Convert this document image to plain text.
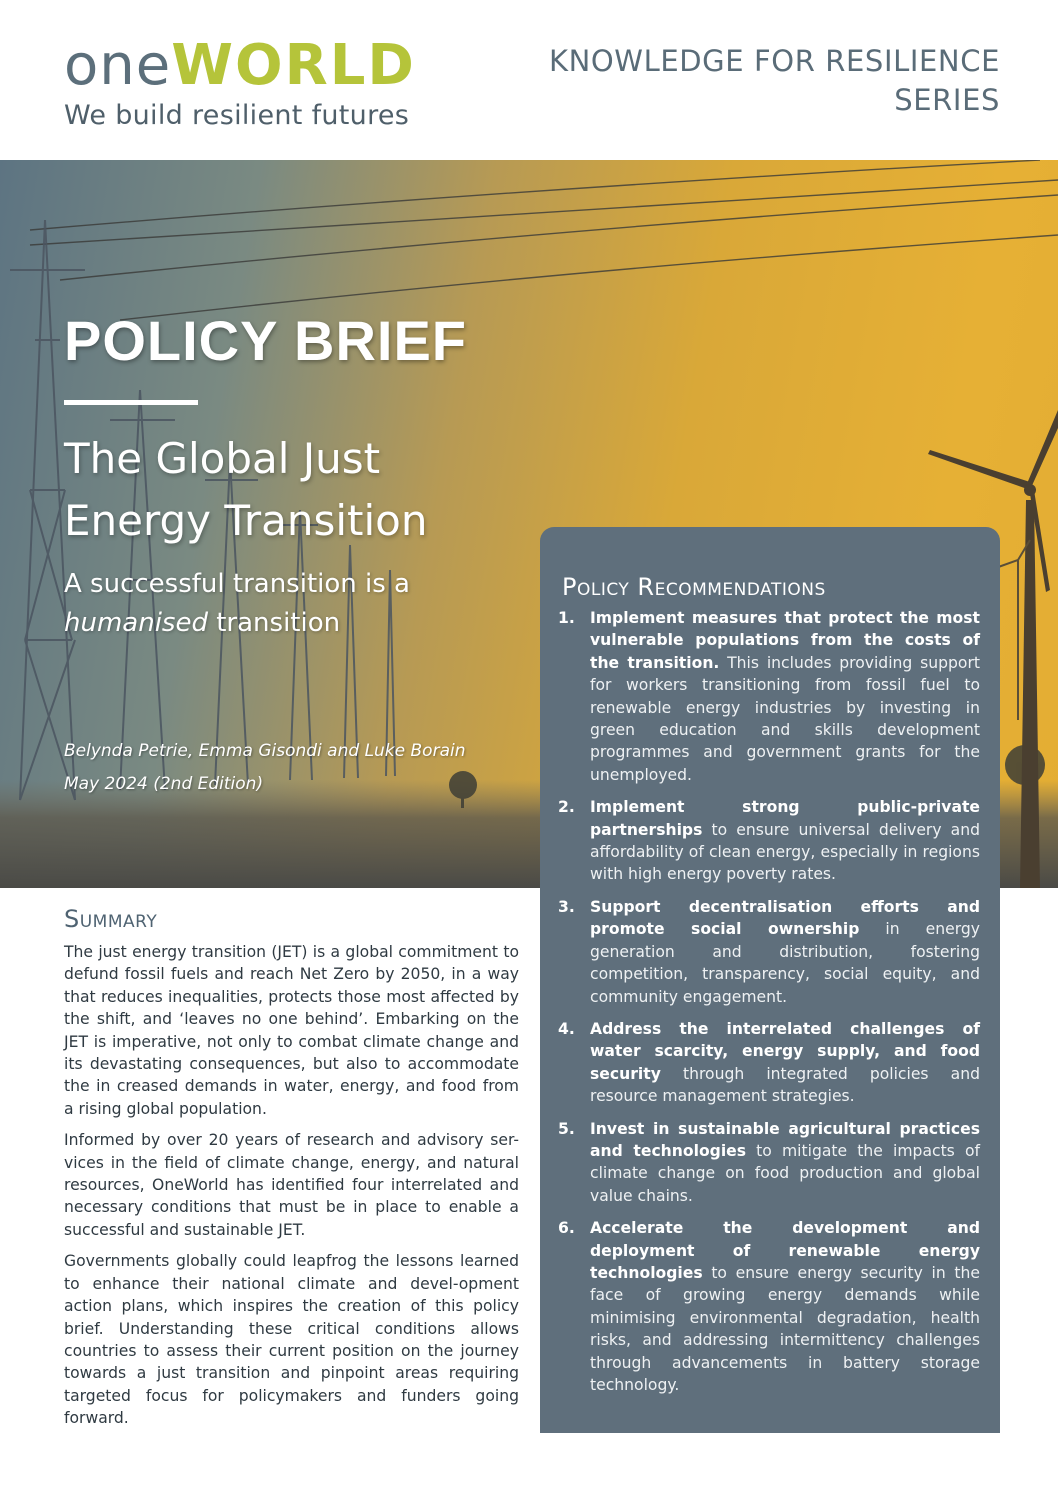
oneWORLD
We build resilient futures
KNOWLEDGE FOR RESILIENCE
SERIES
POLICY BRIEF
The Global Just
Energy Transition
A successful transition is a
humanised transition
Belynda Petrie, Emma Gisondi and Luke Borain
May 2024 (2nd Edition)
Summary

The just energy transition (JET) is a global commitment to defund fossil fuels and reach Net Zero by 2050, in a way that reduces inequalities, protects those most affected by the shift, and ‘leaves no one behind’. Embarking on the JET is imperative, not only to combat climate change and its devastating consequences, but also to accommodate the in creased demands in water, energy, and food from a rising global population.

Informed by over 20 years of research and advisory ser-vices in the field of climate change, energy, and natural resources, OneWorld has identified four interrelated and necessary conditions that must be in place to enable a successful and sustainable JET.

Governments globally could leapfrog the lessons learned to enhance their national climate and devel-opment action plans, which inspires the creation of this policy brief. Understanding these critical conditions allows countries to assess their current position on the journey towards a just transition and pinpoint areas requiring targeted focus for policymakers and funders going forward.

Policy Recommendations
1. Implement measures that protect the most vulnerable populations from the costs of the transition. This includes providing support for workers transitioning from fossil fuel to renewable energy industries by investing in green education and skills development programmes and government grants for the unemployed.
2. Implement strong public-private partnerships to ensure universal delivery and affordability of clean energy, especially in regions with high energy poverty rates.
3. Support decentralisation efforts and promote social ownership in energy generation and distribution, fostering competition, transparency, social equity, and community engagement.
4. Address the interrelated challenges of water scarcity, energy supply, and food security through integrated policies and resource management strategies.
5. Invest in sustainable agricultural practices and technologies to mitigate the impacts of climate change on food production and global value chains.
6. Accelerate the development and deployment of renewable energy technologies to ensure energy security in the face of growing energy demands while minimising environmental degradation, health risks, and addressing intermittency challenges through advancements in battery storage technology.
